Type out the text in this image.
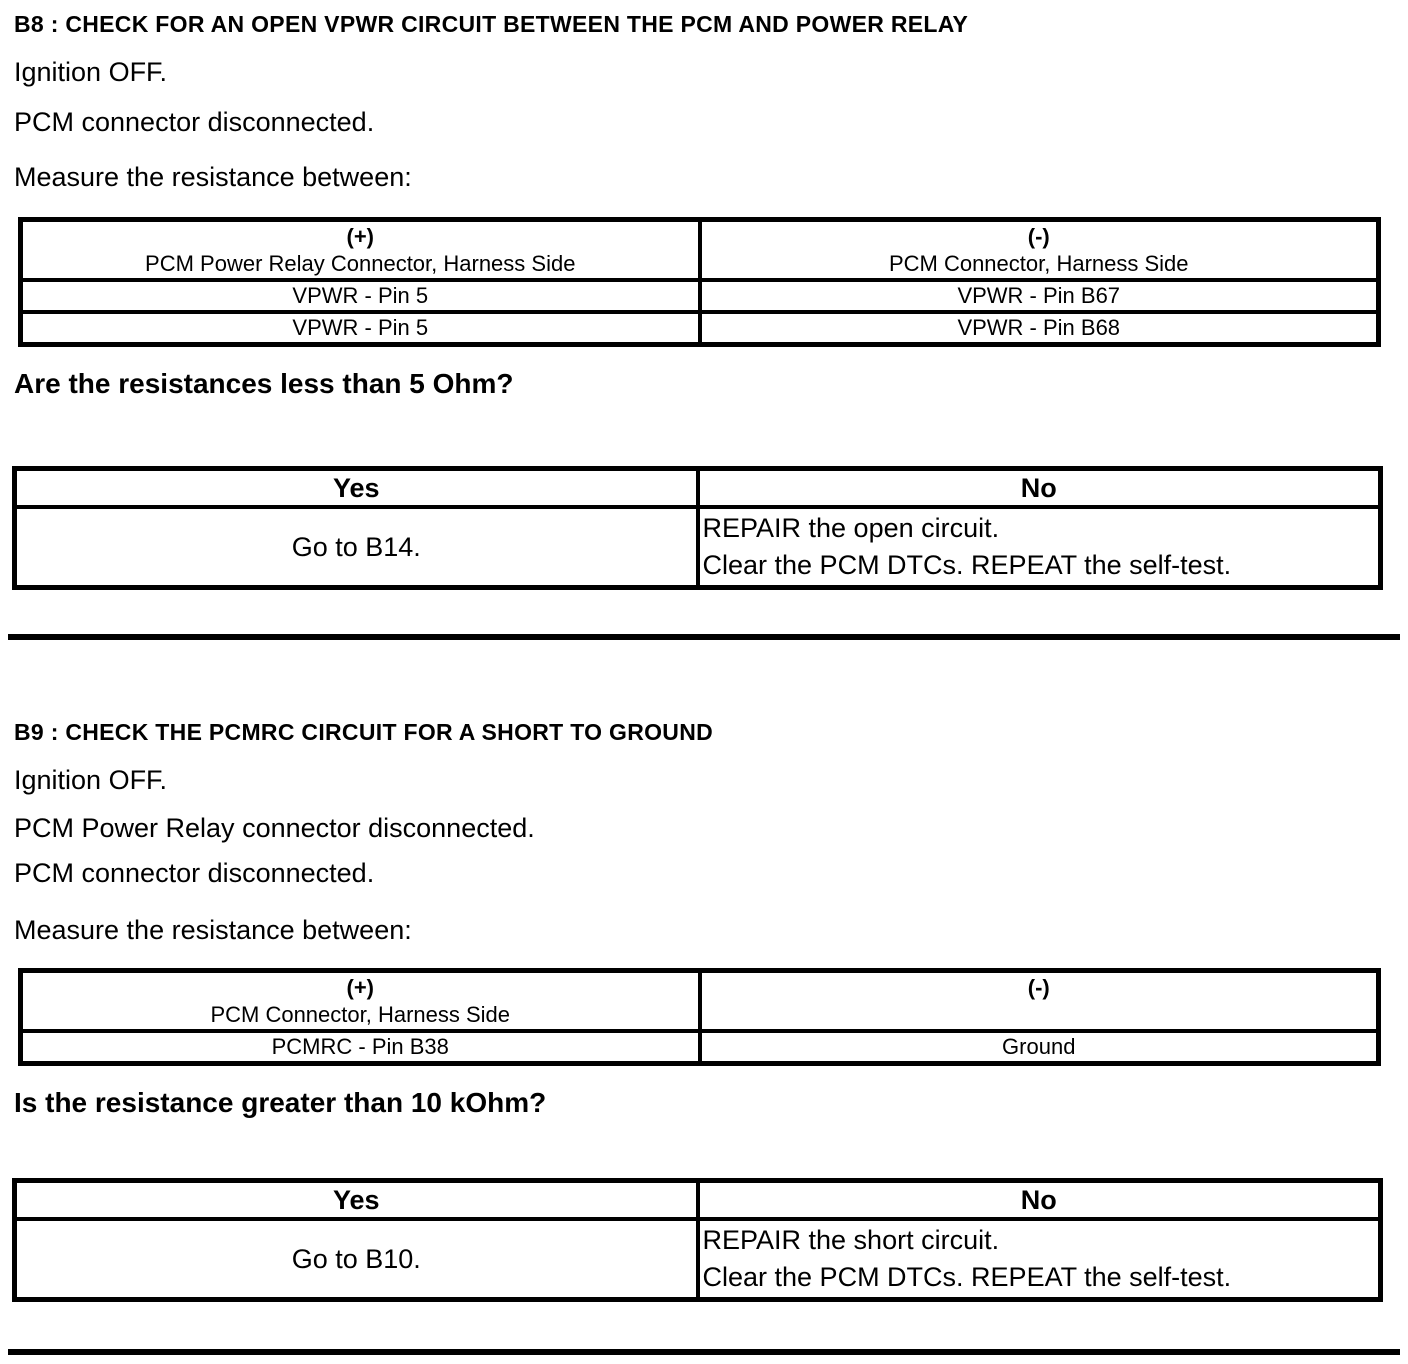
B8 : CHECK FOR AN OPEN VPWR CIRCUIT BETWEEN THE PCM AND POWER RELAY

Ignition OFF.

PCM connector disconnected.

Measure the resistance between:

(+)
PCM Power Relay Connector, Harness Side

(-)
PCM Connector, Harness Side

VPWR - Pin 5	VPWR - Pin B67
VPWR - Pin 5	VPWR - Pin B68

Are the resistances less than 5 Ohm?

Yes	No
Go to B14.	REPAIR the open circuit.
Clear the PCM DTCs. REPEAT the self-test.
B9 : CHECK THE PCMRC CIRCUIT FOR A SHORT TO GROUND

Ignition OFF.

PCM Power Relay connector disconnected.

PCM connector disconnected.

Measure the resistance between:

(+)
PCM Connector, Harness Side	(-)

PCMRC - Pin B38	Ground

Is the resistance greater than 10 kOhm?

Yes	No
Go to B10.	REPAIR the short circuit.
Clear the PCM DTCs. REPEAT the self-test.
